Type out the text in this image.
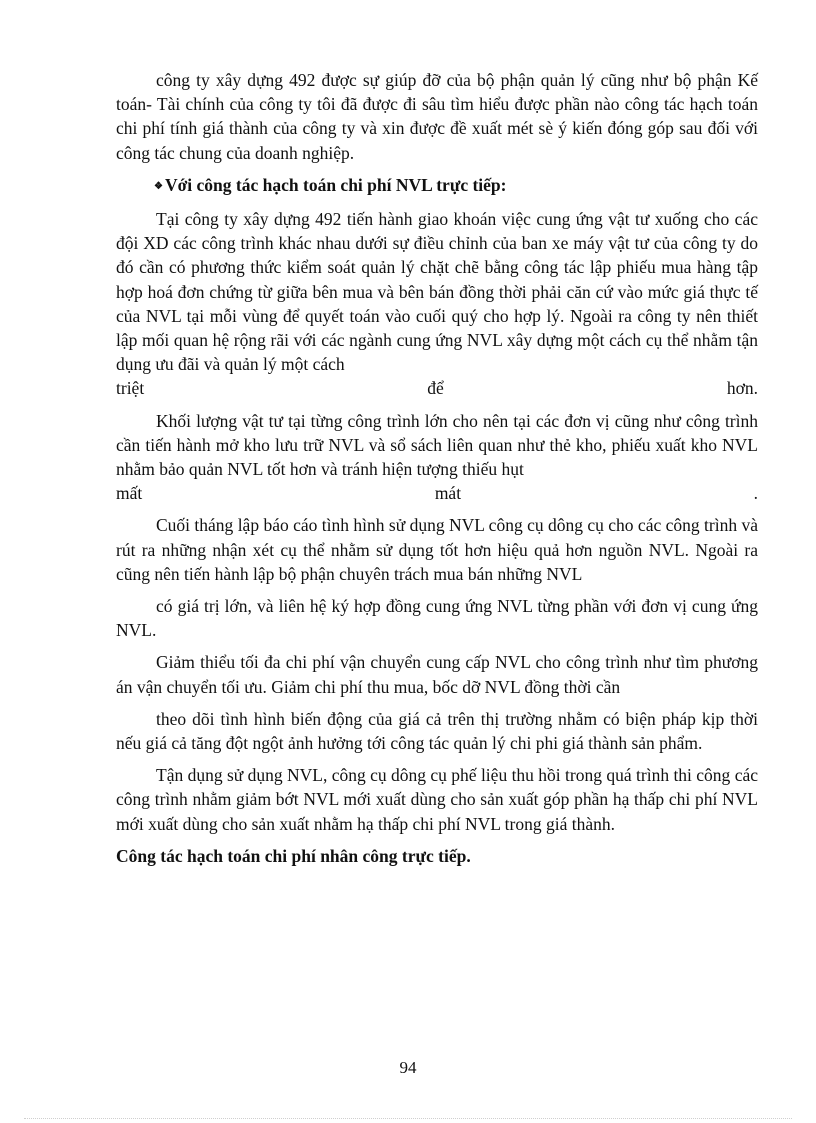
công ty xây dựng 492 được sự giúp đỡ của bộ phận quản lý cũng như bộ phận Kế toán- Tài chính của công ty tôi đã được đi sâu tìm hiểu được phần nào công tác hạch toán chi phí tính giá thành của công ty và xin được đề xuất mét sè ý kiến đóng góp sau đối với công tác chung của doanh nghiệp.

❖ Với công tác hạch toán chi phí NVL trực tiếp:

Tại công ty xây dựng 492 tiến hành giao khoán việc cung ứng vật tư xuống cho các đội XD các công trình khác nhau dưới sự điều chỉnh của ban xe máy vật tư của công ty do đó cần có phương thức kiểm soát quản lý chặt chẽ bằng công tác lập phiếu mua hàng tập hợp hoá đơn chứng từ giữa bên mua và bên bán đồng thời phải căn cứ vào mức giá thực tế của NVL tại mỗi vùng để quyết toán vào cuối quý cho hợp lý. Ngoài ra công ty nên thiết lập mối quan hệ rộng rãi với các ngành cung ứng NVL xây dựng một cách cụ thể nhằm tận dụng ưu đãi và quản lý một cách

triệt	để	hơn.

Khối lượng vật tư tại từng công trình lớn cho nên tại các đơn vị cũng như công trình cần tiến hành mở kho lưu trữ NVL và sổ sách liên quan như thẻ kho, phiếu xuất kho NVL nhằm bảo quản NVL tốt hơn và tránh hiện tượng thiếu hụt

mất	mát	.

Cuối tháng lập báo cáo tình hình sử dụng NVL công cụ dông cụ cho các công trình và rút ra những nhận xét cụ thể nhằm sử dụng tốt hơn hiệu quả hơn nguồn NVL. Ngoài ra cũng nên tiến hành lập bộ phận chuyên trách mua bán những NVL

có giá trị lớn, và liên hệ ký hợp đồng cung ứng NVL từng phần với đơn vị cung ứng NVL.

Giảm thiểu tối đa chi phí vận chuyển cung cấp NVL cho công trình như tìm phương án vận chuyển tối ưu. Giảm chi phí thu mua, bốc dỡ NVL đồng thời cần

theo dõi tình hình biến động của giá cả trên thị trường nhằm có biện pháp kịp thời nếu giá cả tăng đột ngột ảnh hưởng tới công tác quản lý chi phi giá thành sản phẩm.

Tận dụng sử dụng NVL, công cụ dông cụ phế liệu thu hồi trong quá trình thi công các công trình nhằm giảm bớt NVL mới xuất dùng cho sản xuất góp phần hạ thấp chi phí NVL mới xuất dùng cho sản xuất nhằm hạ thấp chi phí NVL trong giá thành.

Công tác hạch toán chi phí nhân công trực tiếp.

94
